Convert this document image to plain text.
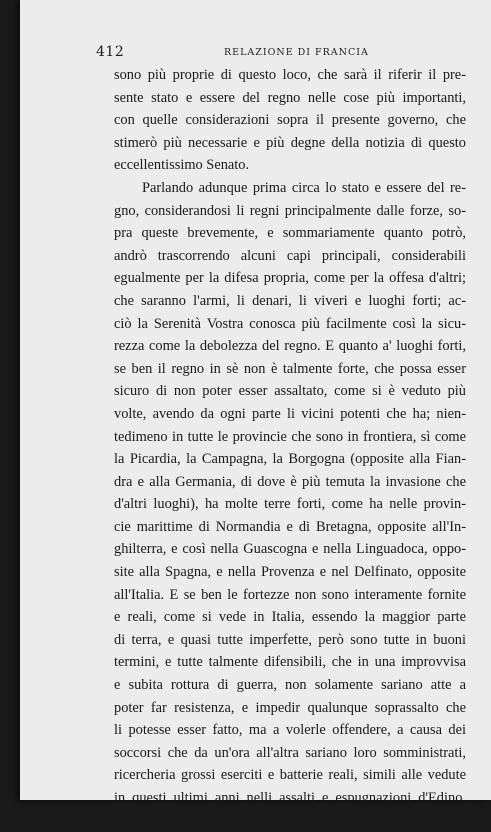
412	RELAZIONE DI FRANCIA
sono più proprie di questo loco, che sarà il riferir il pre-
sente stato e essere del regno nelle cose più importanti,
con quelle considerazioni sopra il presente governo, che
stimerò più necessarie e più degne della notizia di questo
eccellentissimo Senato.
Parlando adunque prima circa lo stato e essere del re-
gno, considerandosi li regni principalmente dalle forze, so-
pra queste brevemente, e sommariamente quanto potrò,
andrò trascorrendo alcuni capi principali, considerabili
egualmente per la difesa propria, come per la offesa d'altri;
che saranno l'armi, li denari, li viveri e luoghi forti; ac-
ciò la Serenità Vostra conosca più facilmente così la sicu-
rezza come la debolezza del regno. E quanto a' luoghi forti,
se ben il regno in sè non è talmente forte, che possa esser
sicuro di non poter esser assaltato, come si è veduto più
volte, avendo da ogni parte li vicini potenti che ha; nien-
tedimeno in tutte le provincie che sono in frontiera, sì come
la Picardia, la Campagna, la Borgogna (opposite alla Fian-
dra e alla Germania, di dove è più temuta la invasione che
d'altri luoghi), ha molte terre forti, come ha nelle provin-
cie marittime di Normandia e di Bretagna, opposite all'In-
ghilterra, e così nella Guascogna e nella Linguadoca, oppo-
site alla Spagna, e nella Provenza e nel Delfinato, opposite
all'Italia. E se ben le fortezze non sono interamente fornite
e reali, come si vede in Italia, essendo la maggior parte
di terra, e quasi tutte imperfette, però sono tutte in buoni
termini, e tutte talmente difensibili, che in una improvvisa
e subita rottura di guerra, non solamente sariano atte a
poter far resistenza, e impedir qualunque soprassalto che
li potesse esser fatto, ma a volerle offendere, a causa dei
soccorsi che da un'ora all'altra sariano loro somministrati,
ricercheria grossi eserciti e batterie reali, simili alle vedute
in questi ultimi anni nelli assalti e espugnazioni d'Edino,
di Terroana, di Renty, di Calais, di Guines, di Tionvilla, e
